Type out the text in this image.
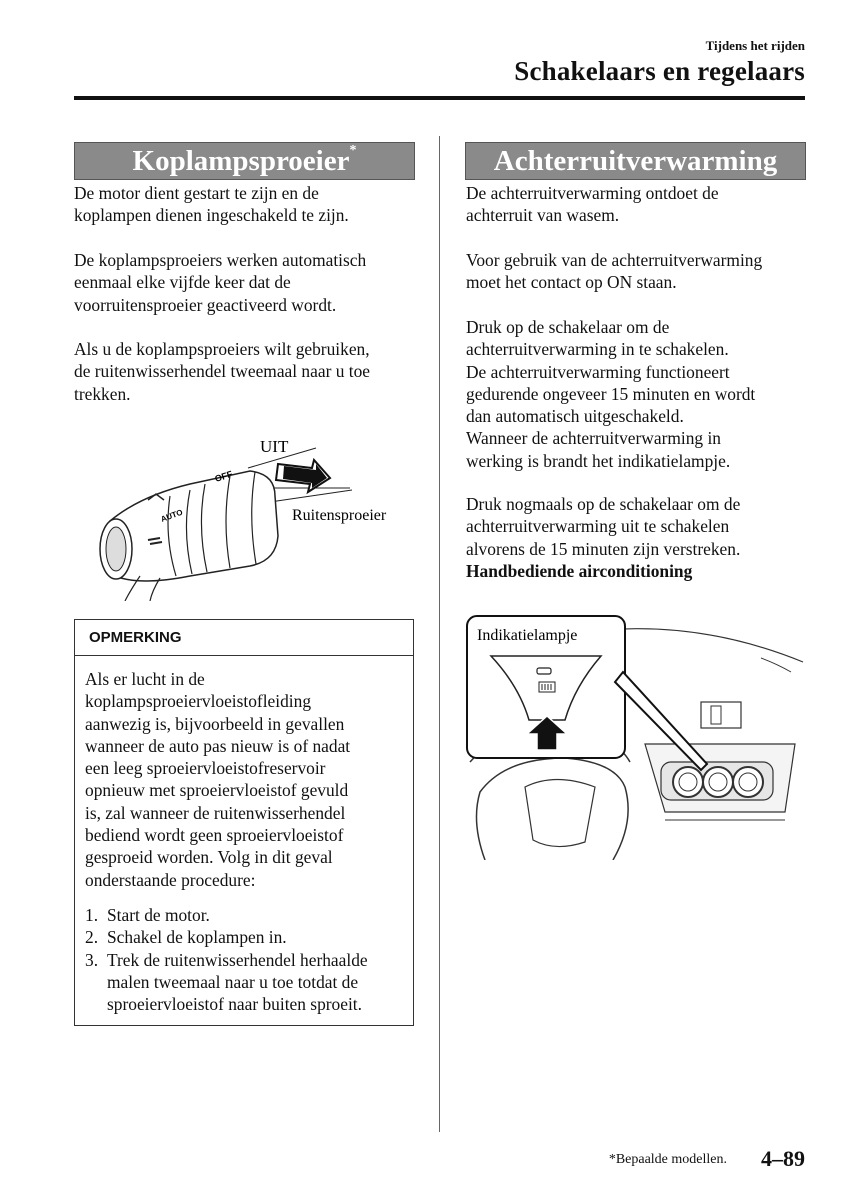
Tijdens het rijden
Schakelaars en regelaars
Koplampsproeier*

De motor dient gestart te zijn en de
koplampen dienen ingeschakeld te zijn.

De koplampsproeiers werken automatisch
eenmaal elke vijfde keer dat de
voorruitensproeier geactiveerd wordt.

Als u de koplampsproeiers wilt gebruiken,
de ruitenwisserhendel tweemaal naar u toe
trekken.

OFF
AUTO
UIT
Ruitensproeier
OPMERKING
Als er lucht in de
koplampsproeiervloeistofleiding
aanwezig is, bijvoorbeeld in gevallen
wanneer de auto pas nieuw is of nadat
een leeg sproeiervloeistofreservoir
opnieuw met sproeiervloeistof gevuld
is, zal wanneer de ruitenwisserhendel
bediend wordt geen sproeiervloeistof
gesproeid worden. Volg in dit geval
onderstaande procedure:
1. Start de motor.
2. Schakel de koplampen in.
3. Trek de ruitenwisserhendel herhaalde
malen tweemaal naar u toe totdat de
sproeiervloeistof naar buiten sproeit.
Achterruitverwarming

De achterruitverwarming ontdoet de
achterruit van wasem.

Voor gebruik van de achterruitverwarming
moet het contact op ON staan.

Druk op de schakelaar om de
achterruitverwarming in te schakelen.
De achterruitverwarming functioneert
gedurende ongeveer 15 minuten en wordt
dan automatisch uitgeschakeld.
Wanneer de achterruitverwarming in
werking is brandt het indikatielampje.

Druk nogmaals op de schakelaar om de
achterruitverwarming uit te schakelen
alvorens de 15 minuten zijn verstreken.
Handbediende airconditioning
Indikatielampje
*Bepaalde modellen. 4–89
